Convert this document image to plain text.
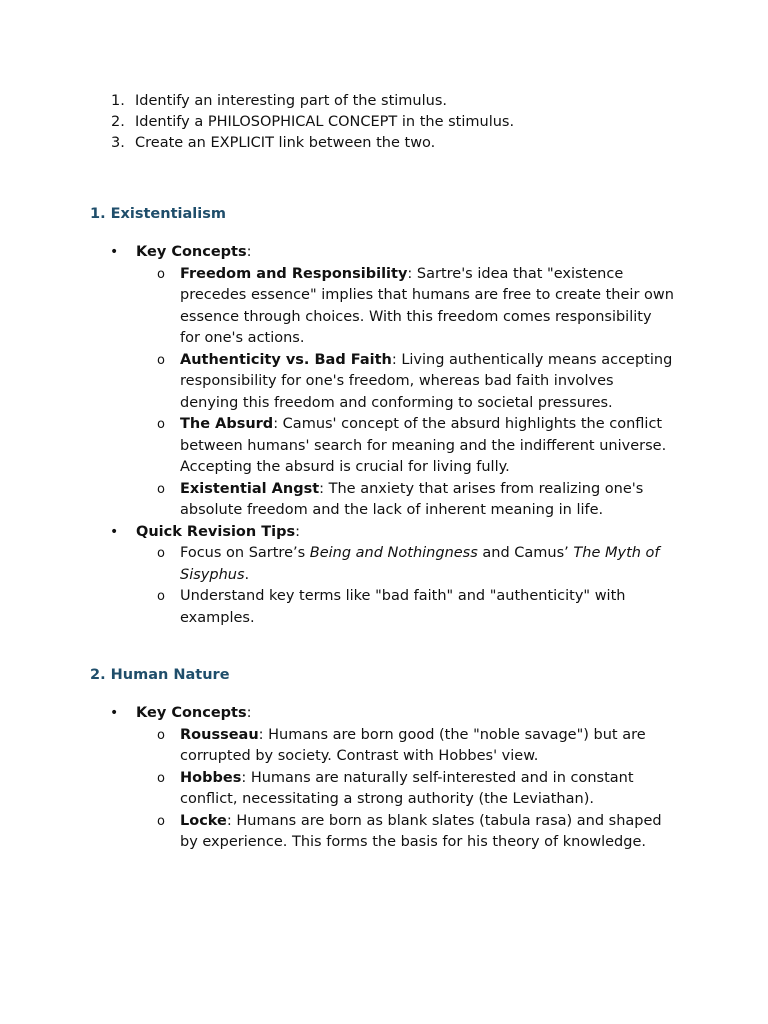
1. Identify an interesting part of the stimulus.
2. Identify a PHILOSOPHICAL CONCEPT in the stimulus.
3. Create an EXPLICIT link between the two.
1. Existentialism
•	Key Concepts:
o	Freedom and Responsibility: Sartre's idea that "existence precedes essence" implies that humans are free to create their own essence through choices. With this freedom comes responsibility for one's actions.
o	Authenticity vs. Bad Faith: Living authentically means accepting responsibility for one's freedom, whereas bad faith involves denying this freedom and conforming to societal pressures.
o	The Absurd: Camus' concept of the absurd highlights the conflict between humans' search for meaning and the indifferent universe. Accepting the absurd is crucial for living fully.
o	Existential Angst: The anxiety that arises from realizing one's absolute freedom and the lack of inherent meaning in life.
•	Quick Revision Tips:
o	Focus on Sartre’s Being and Nothingness and Camus’ The Myth of Sisyphus.
o	Understand key terms like "bad faith" and "authenticity" with examples.
2. Human Nature
•	Key Concepts:
o	Rousseau: Humans are born good (the "noble savage") but are corrupted by society. Contrast with Hobbes' view.
o	Hobbes: Humans are naturally self-interested and in constant conflict, necessitating a strong authority (the Leviathan).
o	Locke: Humans are born as blank slates (tabula rasa) and shaped by experience. This forms the basis for his theory of knowledge.
